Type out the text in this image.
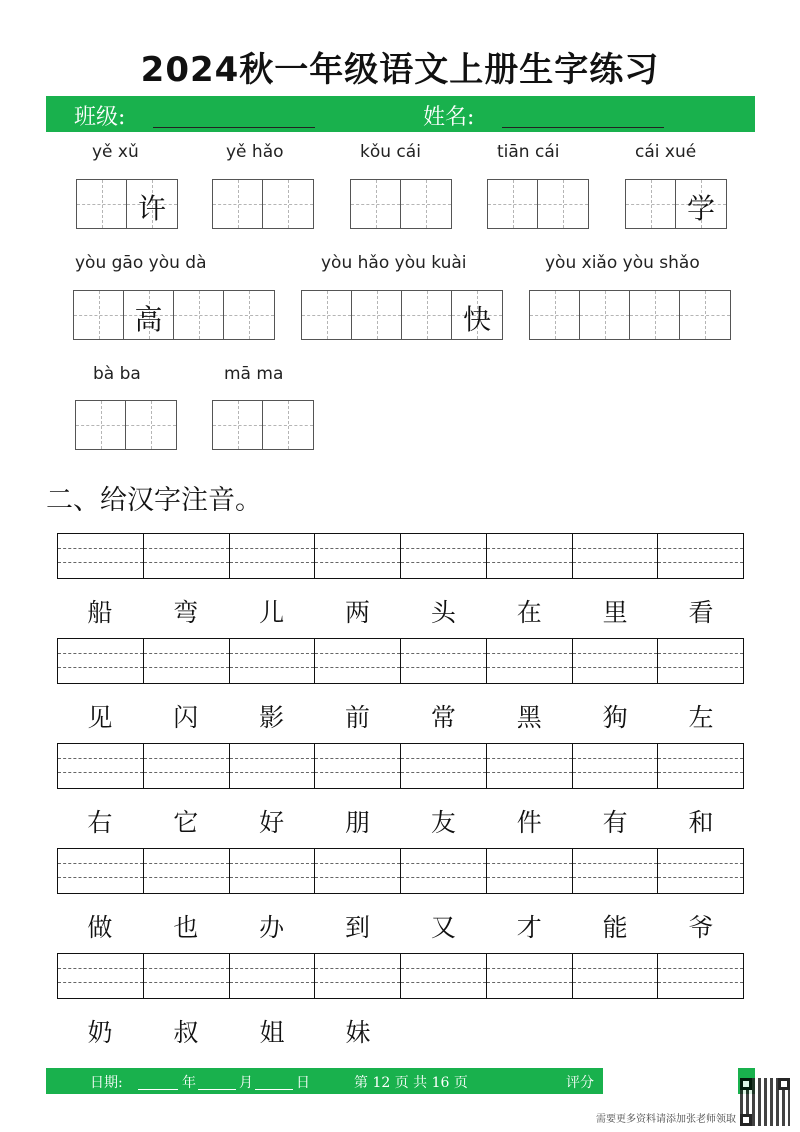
2024秋一年级语文上册生字练习
班级:	姓名:
yě xǔ
许
yě hǎo	kǒu cái	tiān cái	cái xué
学
yòu gāo yòu dà
高
yòu hǎo yòu kuài
快
yòu xiǎo yòu shǎo
bà ba	mā ma
二、给汉字注音。
船	弯	儿	两	头	在	里	看
见	闪	影	前	常	黑	狗	左
右	它	好	朋	友	件	有	和
做	也	办	到	又	才	能	爷
奶	叔	姐	妹
日期:	年	月	日	第 12 页 共 16 页	评分
需要更多资料请添加张老师领取
